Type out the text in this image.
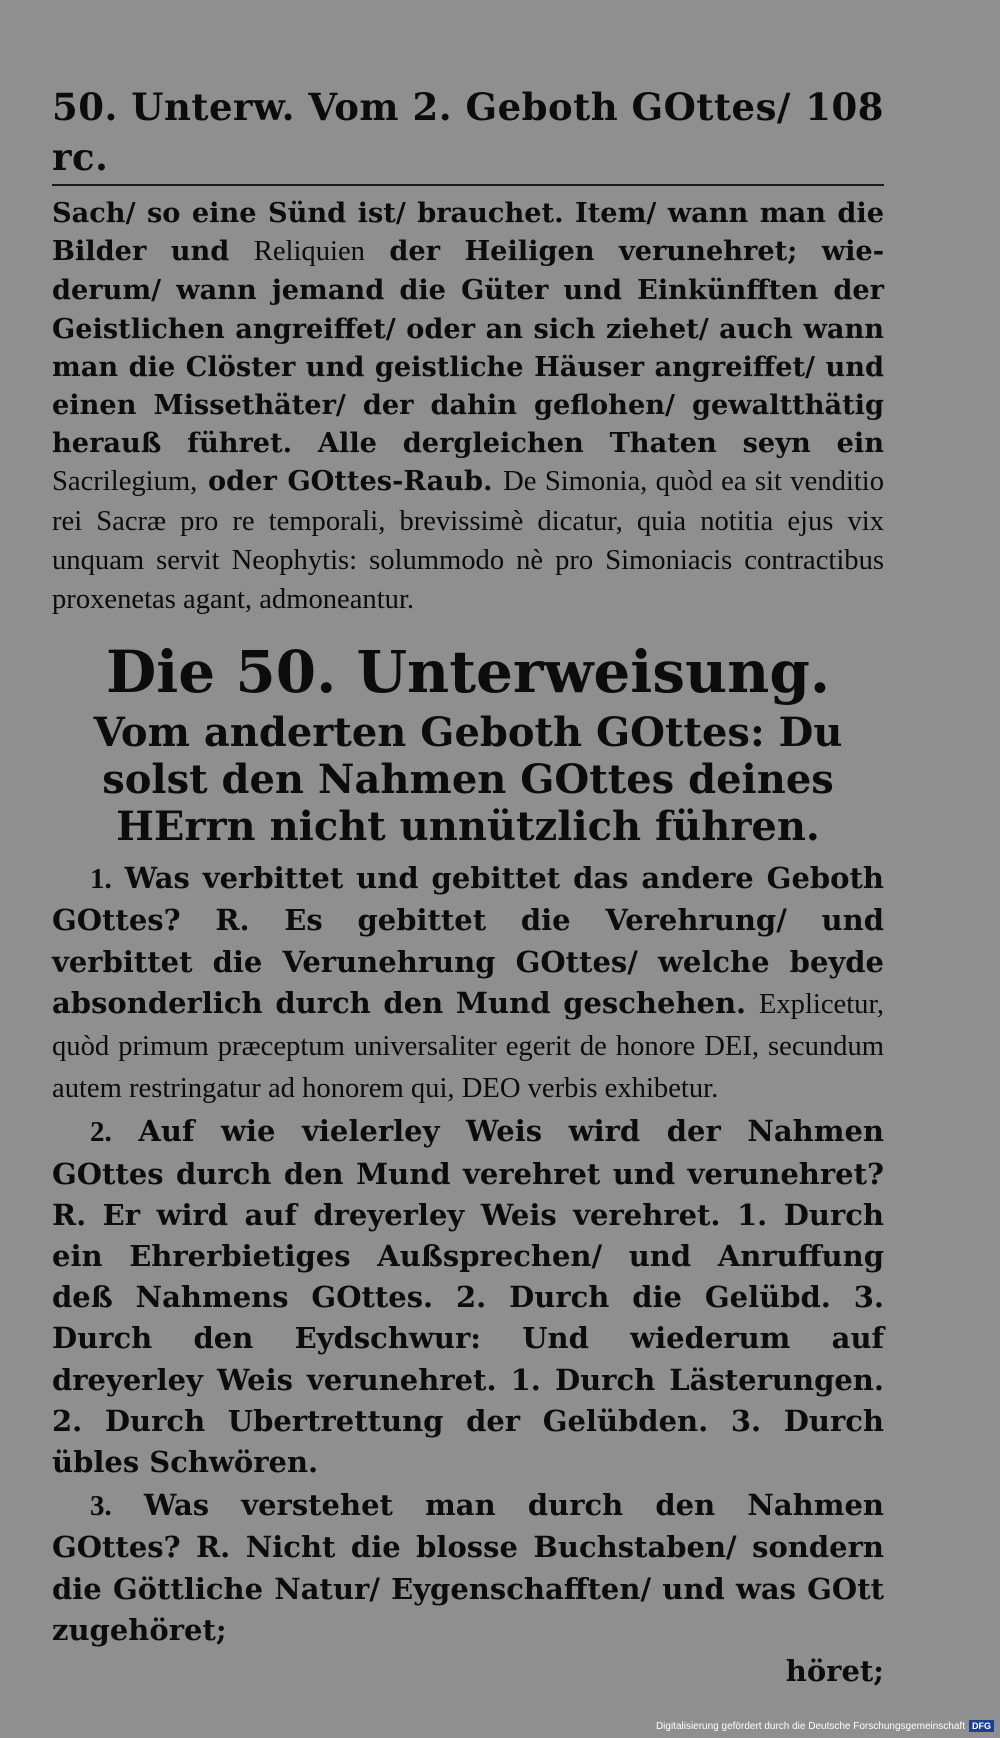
50. Unterw. Vom 2. Geboth GOttes/ rc.
108

Sach/ so eine Sünd ist/ brauchet. Item/ wann man die Bilder und Reliquien der Heiligen verunehret; wie- derum/ wann jemand die Güter und Einkünfften der Geistlichen angreiffet/ oder an sich ziehet/ auch wann man die Clöster und geistliche Häuser angreiffet/ und einen Missethäter/ der dahin geflohen/ gewaltthätig herauß führet. Alle dergleichen Thaten seyn ein Sacrilegium, oder GOttes-Raub. De Simonia, quòd ea sit venditio rei Sacræ pro re temporali, brevissimè dicatur, quia notitia ejus vix unquam servit Neophytis: solummodo nè pro Simoniacis contractibus proxenetas agant, admoneantur.

Die 50. Unterweisung.
Vom anderten Geboth GOttes: Du solst den Nahmen GOttes deines HErrn nicht unnützlich führen.

1. Was verbittet und gebittet das andere Geboth GOttes? R. Es gebittet die Verehrung/ und verbittet die Verunehrung GOttes/ welche beyde absonderlich durch den Mund geschehen. Explicetur, quòd primum præceptum universaliter egerit de honore DEI, secundum autem restringatur ad honorem qui, DEO verbis exhibetur.

2. Auf wie vielerley Weis wird der Nahmen GOttes durch den Mund verehret und verunehret? R. Er wird auf dreyerley Weis verehret. 1. Durch ein Ehrerbietiges Außsprechen/ und Anruffung deß Nahmens GOttes. 2. Durch die Gelübd. 3. Durch den Eydschwur: Und wiederum auf dreyerley Weis verunehret. 1. Durch Lästerungen. 2. Durch Ubertrettung der Gelübden. 3. Durch übles Schwören.

3. Was verstehet man durch den Nahmen GOttes? R. Nicht die blosse Buchstaben/ sondern die Göttliche Natur/ Eygenschafften/ und was GOtt zugehöret;

höret;
Digitalisierung gefördert durch die Deutsche Forschungsgemeinschaft DFG
